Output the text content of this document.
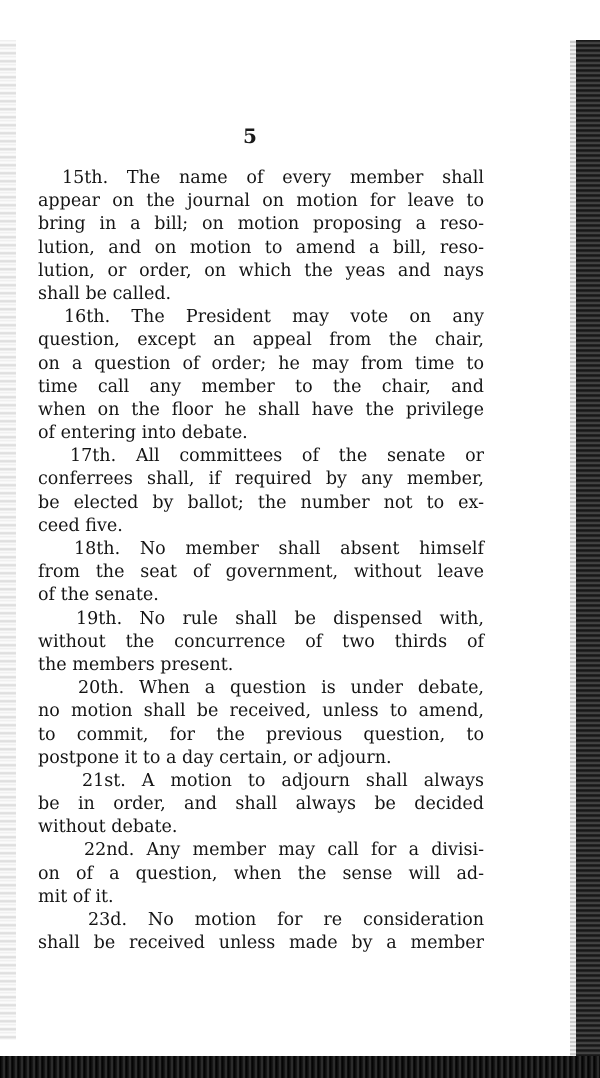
5
15th. The name of every member shall
appear on the journal on motion for leave to
bring in a bill; on motion proposing a reso-
lution, and on motion to amend a bill, reso-
lution, or order, on which the yeas and nays
shall be called.
16th. The President may vote on any
question, except an appeal from the chair,
on a question of order; he may from time to
time call any member to the chair, and
when on the floor he shall have the privilege
of entering into debate.
17th. All committees of the senate or
conferrees shall, if required by any member,
be elected by ballot; the number not to ex-
ceed five.
18th. No member shall absent himself
from the seat of government, without leave
of the senate.
19th. No rule shall be dispensed with,
without the concurrence of two thirds of
the members present.
20th. When a question is under debate,
no motion shall be received, unless to amend,
to commit, for the previous question, to
postpone it to a day certain, or adjourn.
21st. A motion to adjourn shall always
be in order, and shall always be decided
without debate.
22nd. Any member may call for a divisi-
on of a question, when the sense will ad-
mit of it.
23d. No motion for re consideration
shall be received unless made by a member
